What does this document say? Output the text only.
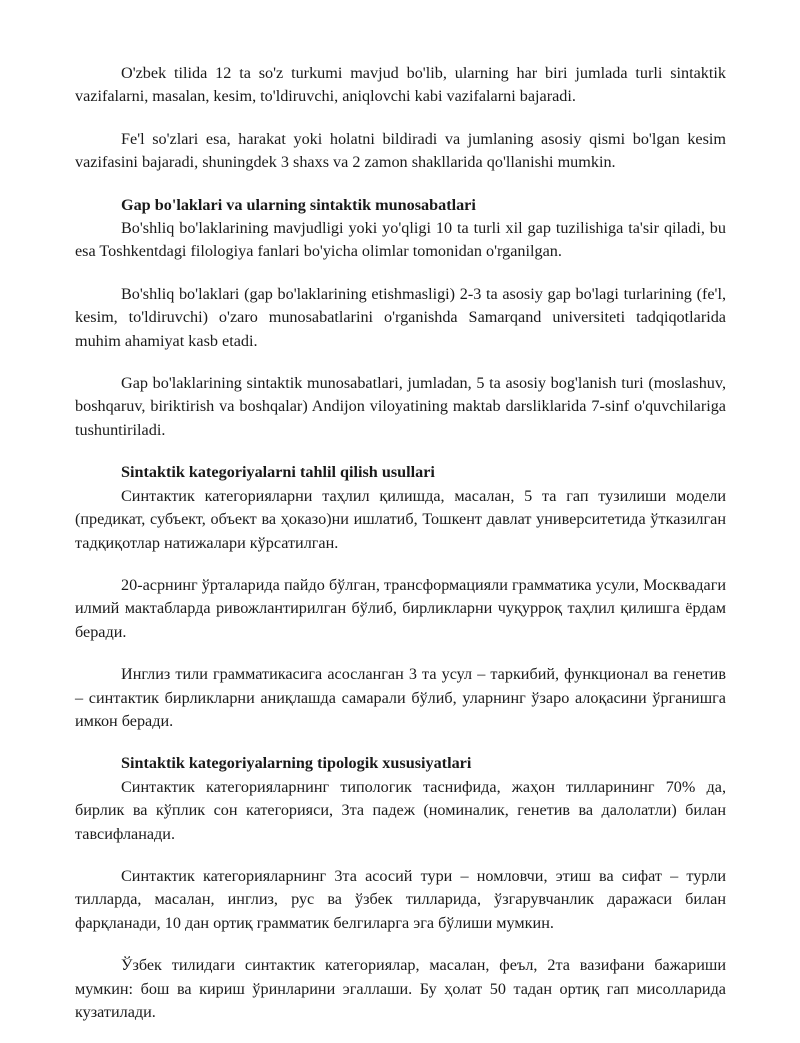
O'zbek tilida 12 ta so'z turkumi mavjud bo'lib, ularning har biri jumlada turli sintaktik vazifalarni, masalan, kesim, to'ldiruvchi, aniqlovchi kabi vazifalarni bajaradi.

Fe'l so'zlari esa, harakat yoki holatni bildiradi va jumlaning asosiy qismi bo'lgan kesim vazifasini bajaradi, shuningdek 3 shaxs va 2 zamon shakllarida qo'llanishi mumkin.

Gap bo'laklari va ularning sintaktik munosabatlari

Bo'shliq bo'laklarining mavjudligi yoki yo'qligi 10 ta turli xil gap tuzilishiga ta'sir qiladi, bu esa Toshkentdagi filologiya fanlari bo'yicha olimlar tomonidan o'rganilgan.

Bo'shliq bo'laklari (gap bo'laklarining etishmasligi) 2-3 ta asosiy gap bo'lagi turlarining (fe'l, kesim, to'ldiruvchi) o'zaro munosabatlarini o'rganishda Samarqand universiteti tadqiqotlarida muhim ahamiyat kasb etadi.

Gap bo'laklarining sintaktik munosabatlari, jumladan, 5 ta asosiy bog'lanish turi (moslashuv, boshqaruv, biriktirish va boshqalar) Andijon viloyatining maktab darsliklarida 7-sinf o'quvchilariga tushuntiriladi.

Sintaktik kategoriyalarni tahlil qilish usullari

Синтактик категорияларни таҳлил қилишда, масалан, 5 та гап тузилиши модели (предикат, субъект, объект ва ҳоказо)ни ишлатиб, Тошкент давлат университетида ўтказилган тадқиқотлар натижалари кўрсатилган.

20-асрнинг ўрталарида пайдо бўлган, трансформацияли грамматика усули, Москвадаги илмий мактабларда ривожлантирилган бўлиб, бирликларни чуқурроқ таҳлил қилишга ёрдам беради.

Инглиз тили грамматикасига асосланган 3 та усул – таркибий, функционал ва генетив – синтактик бирликларни аниқлашда самарали бўлиб, уларнинг ўзаро алоқасини ўрганишга имкон беради.

Sintaktik kategoriyalarning tipologik xususiyatlari

Синтактик категорияларнинг типологик таснифида, жаҳон тилларининг 70% да, бирлик ва кўплик сон категорияси, 3та падеж (номиналик, генетив ва далолатли) билан тавсифланади.

Синтактик категорияларнинг 3та асосий тури – номловчи, этиш ва сифат – турли тилларда, масалан, инглиз, рус ва ўзбек тилларида, ўзгарувчанлик даражаси билан фарқланади, 10 дан ортиқ грамматик белгиларга эга бўлиши мумкин.

Ўзбек тилидаги синтактик категориялар, масалан, феъл, 2та вазифани бажариши мумкин: бош ва кириш ўринларини эгаллаши. Бу ҳолат 50 тадан ортиқ гап мисолларида кузатилади.
